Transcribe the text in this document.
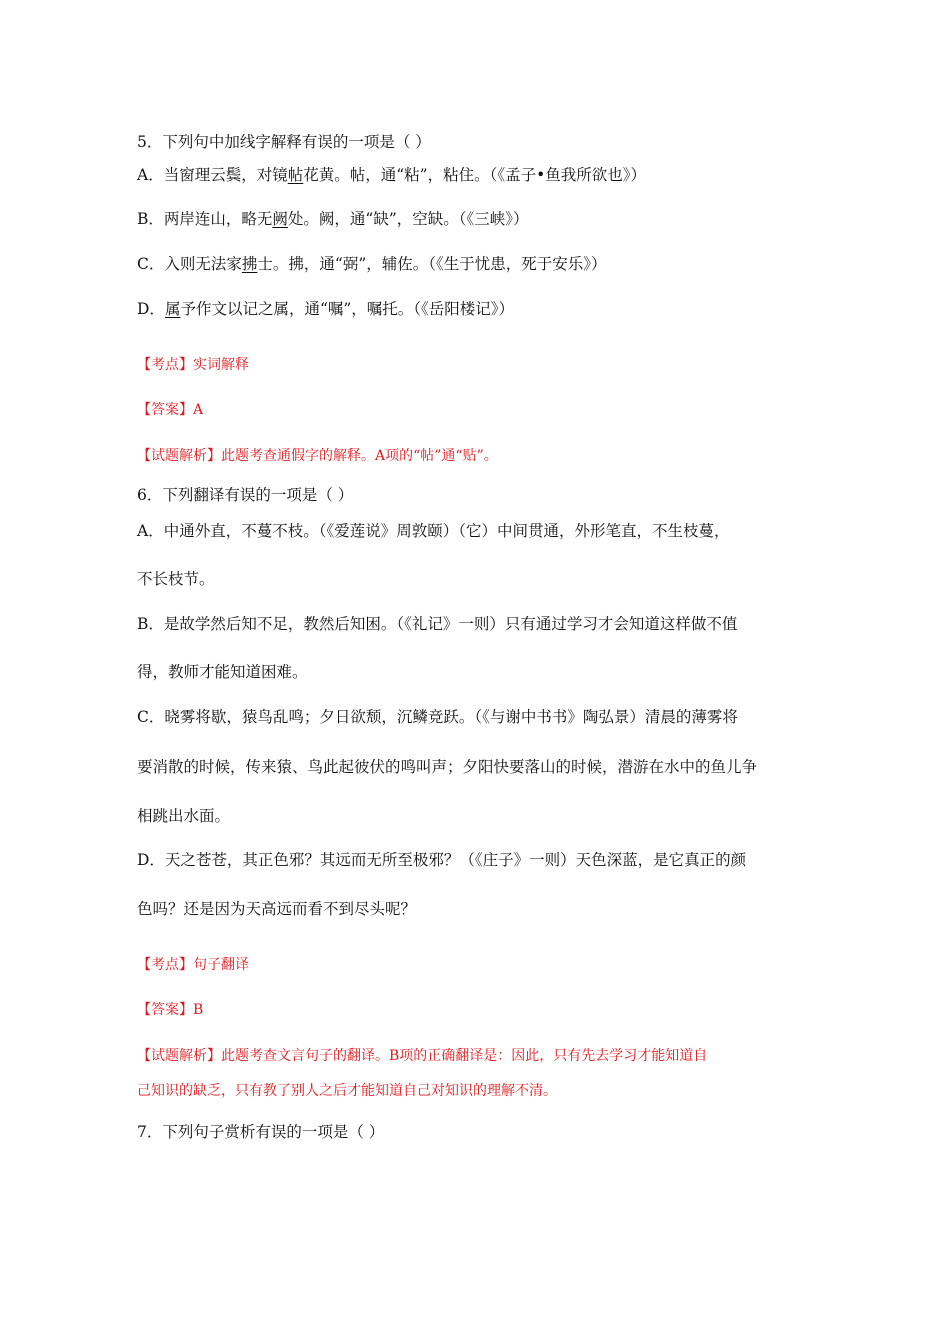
5．下列句中加线字解释有误的一项是（ ）
A．当窗理云鬓，对镜帖花黄。帖，通“粘”，粘住。（《孟子•鱼我所欲也》）
B．两岸连山，略无阙处。阙，通“缺”，空缺。（《三峡》）
C．入则无法家拂士。拂，通“弼”，辅佐。（《生于忧患，死于安乐》）
D．属予作文以记之属，通“嘱”，嘱托。（《岳阳楼记》）
【考点】实词解释
【答案】A
【试题解析】此题考查通假字的解释。A项的“帖”通“贴”。
6．下列翻译有误的一项是（ ）
A．中通外直，不蔓不枝。（《爱莲说》周敦颐）（它）中间贯通，外形笔直，不生枝蔓，
不长枝节。
B．是故学然后知不足，教然后知困。（《礼记》一则）只有通过学习才会知道这样做不值
得，教师才能知道困难。
C．晓雾将歇，猿鸟乱鸣；夕日欲颓，沉鳞竞跃。（《与谢中书书》陶弘景）清晨的薄雾将
要消散的时候，传来猿、鸟此起彼伏的鸣叫声；夕阳快要落山的时候，潜游在水中的鱼儿争
相跳出水面。
D．天之苍苍，其正色邪？其远而无所至极邪？（《庄子》一则）天色深蓝，是它真正的颜
色吗？还是因为天高远而看不到尽头呢？
【考点】句子翻译
【答案】B
【试题解析】此题考查文言句子的翻译。B项的正确翻译是：因此，只有先去学习才能知道自
己知识的缺乏，只有教了别人之后才能知道自己对知识的理解不清。
7．下列句子赏析有误的一项是（ ）
